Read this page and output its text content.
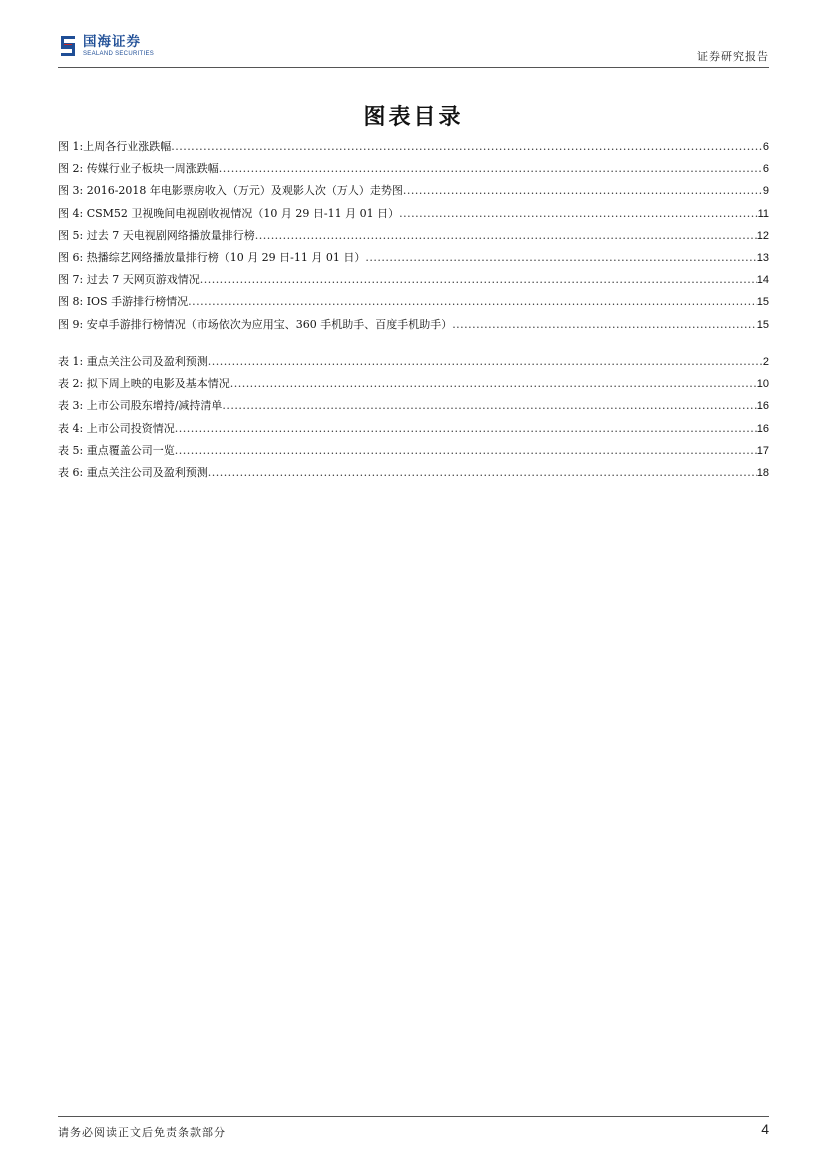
国海证券
SEALAND SECURITIES	证券研究报告
图表目录
图 1:上周各行业涨跌幅 .....	6
图 2: 传媒行业子板块一周涨跌幅 .....	6
图 3: 2016-2018 年电影票房收入（万元）及观影人次（万人）走势图 .....	9
图 4: CSM52 卫视晚间电视剧收视情况（10 月 29 日-11 月 01 日） .....	11
图 5: 过去 7 天电视剧网络播放量排行榜 .....	12
图 6: 热播综艺网络播放量排行榜（10 月 29 日-11 月 01 日） .....	13
图 7: 过去 7 天网页游戏情况 .....	14
图 8: IOS 手游排行榜情况 .....	15
图 9: 安卓手游排行榜情况（市场依次为应用宝、360 手机助手、百度手机助手） .....	15
表 1: 重点关注公司及盈利预测 .....	2
表 2: 拟下周上映的电影及基本情况 .....	10
表 3: 上市公司股东增持/减持清单 .....	16
表 4: 上市公司投资情况 .....	16
表 5: 重点覆盖公司一览 .....	17
表 6: 重点关注公司及盈利预测 .....	18
请务必阅读正文后免责条款部分	4
